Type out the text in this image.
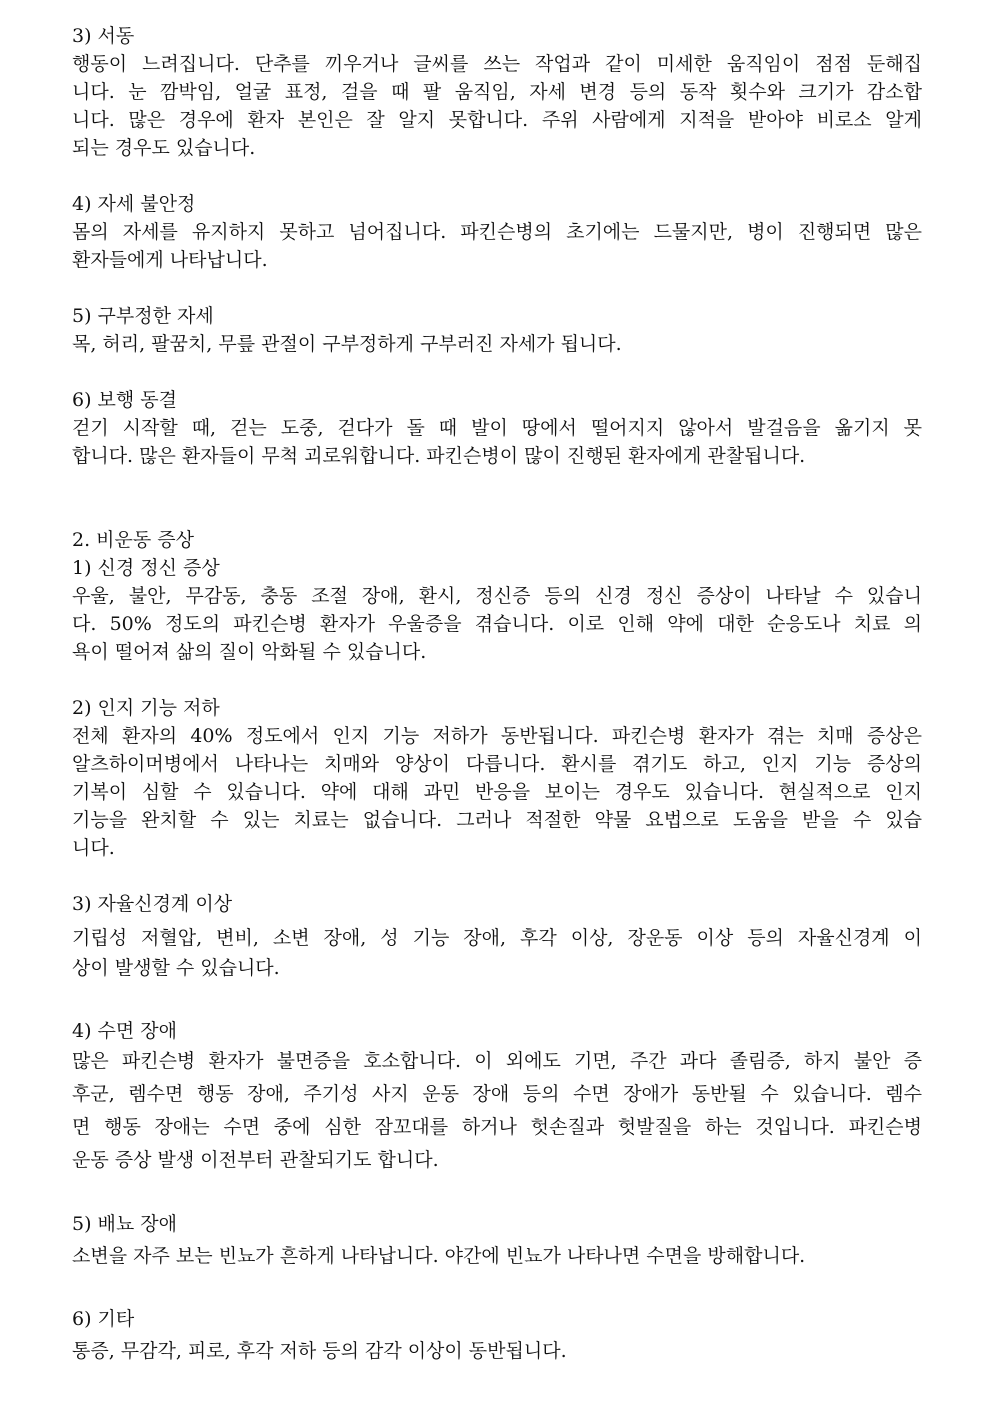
3) 서동
행동이 느려집니다. 단추를 끼우거나 글씨를 쓰는 작업과 같이 미세한 움직임이 점점 둔해집
니다. 눈 깜박임, 얼굴 표정, 걸을 때 팔 움직임, 자세 변경 등의 동작 횟수와 크기가 감소합
니다. 많은 경우에 환자 본인은 잘 알지 못합니다. 주위 사람에게 지적을 받아야 비로소 알게
되는 경우도 있습니다.
4) 자세 불안정
몸의 자세를 유지하지 못하고 넘어집니다. 파킨슨병의 초기에는 드물지만, 병이 진행되면 많은
환자들에게 나타납니다.
5) 구부정한 자세
목, 허리, 팔꿈치, 무릎 관절이 구부정하게 구부러진 자세가 됩니다.
6) 보행 동결
걷기 시작할 때, 걷는 도중, 걷다가 돌 때 발이 땅에서 떨어지지 않아서 발걸음을 옮기지 못
합니다. 많은 환자들이 무척 괴로워합니다. 파킨슨병이 많이 진행된 환자에게 관찰됩니다.
2. 비운동 증상
1) 신경 정신 증상
우울, 불안, 무감동, 충동 조절 장애, 환시, 정신증 등의 신경 정신 증상이 나타날 수 있습니
다. 50% 정도의 파킨슨병 환자가 우울증을 겪습니다. 이로 인해 약에 대한 순응도나 치료 의
욕이 떨어져 삶의 질이 악화될 수 있습니다.
2) 인지 기능 저하
전체 환자의 40% 정도에서 인지 기능 저하가 동반됩니다. 파킨슨병 환자가 겪는 치매 증상은
알츠하이머병에서 나타나는 치매와 양상이 다릅니다. 환시를 겪기도 하고, 인지 기능 증상의
기복이 심할 수 있습니다. 약에 대해 과민 반응을 보이는 경우도 있습니다. 현실적으로 인지
기능을 완치할 수 있는 치료는 없습니다. 그러나 적절한 약물 요법으로 도움을 받을 수 있습
니다.
3) 자율신경계 이상
기립성 저혈압, 변비, 소변 장애, 성 기능 장애, 후각 이상, 장운동 이상 등의 자율신경계 이
상이 발생할 수 있습니다.
4) 수면 장애
많은 파킨슨병 환자가 불면증을 호소합니다. 이 외에도 기면, 주간 과다 졸림증, 하지 불안 증
후군, 렘수면 행동 장애, 주기성 사지 운동 장애 등의 수면 장애가 동반될 수 있습니다. 렘수
면 행동 장애는 수면 중에 심한 잠꼬대를 하거나 헛손질과 헛발질을 하는 것입니다. 파킨슨병
운동 증상 발생 이전부터 관찰되기도 합니다.
5) 배뇨 장애
소변을 자주 보는 빈뇨가 흔하게 나타납니다. 야간에 빈뇨가 나타나면 수면을 방해합니다.
6) 기타
통증, 무감각, 피로, 후각 저하 등의 감각 이상이 동반됩니다.
